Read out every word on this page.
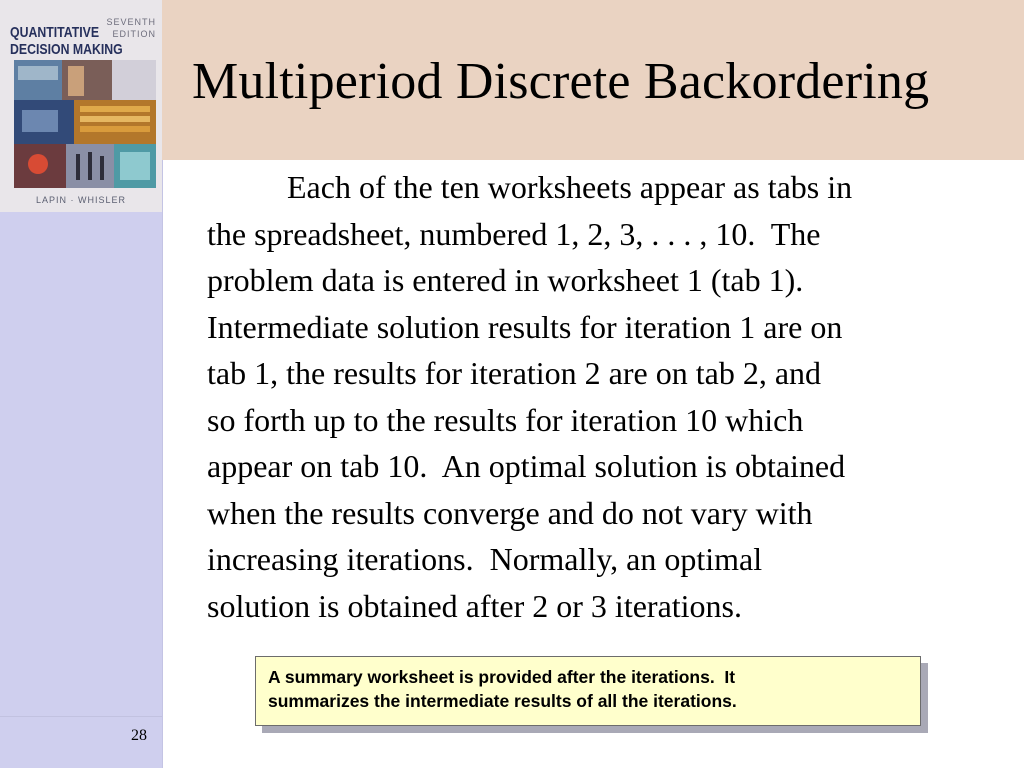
Multiperiod Discrete Backordering
SEVENTH
EDITION
QUANTITATIVE
DECISION MAKING
LAPIN · WHISLER	Each of the ten worksheets appear as tabs in
the spreadsheet, numbered 1, 2, 3, . . . , 10.  The
problem data is entered in worksheet 1 (tab 1).
Intermediate solution results for iteration 1 are on
tab 1, the results for iteration 2 are on tab 2, and
so forth up to the results for iteration 10 which
appear on tab 10.  An optimal solution is obtained
when the results converge and do not vary with
increasing iterations.  Normally, an optimal
solution is obtained after 2 or 3 iterations.
A summary worksheet is provided after the iterations.  It
summarizes the intermediate results of all the iterations.
28
